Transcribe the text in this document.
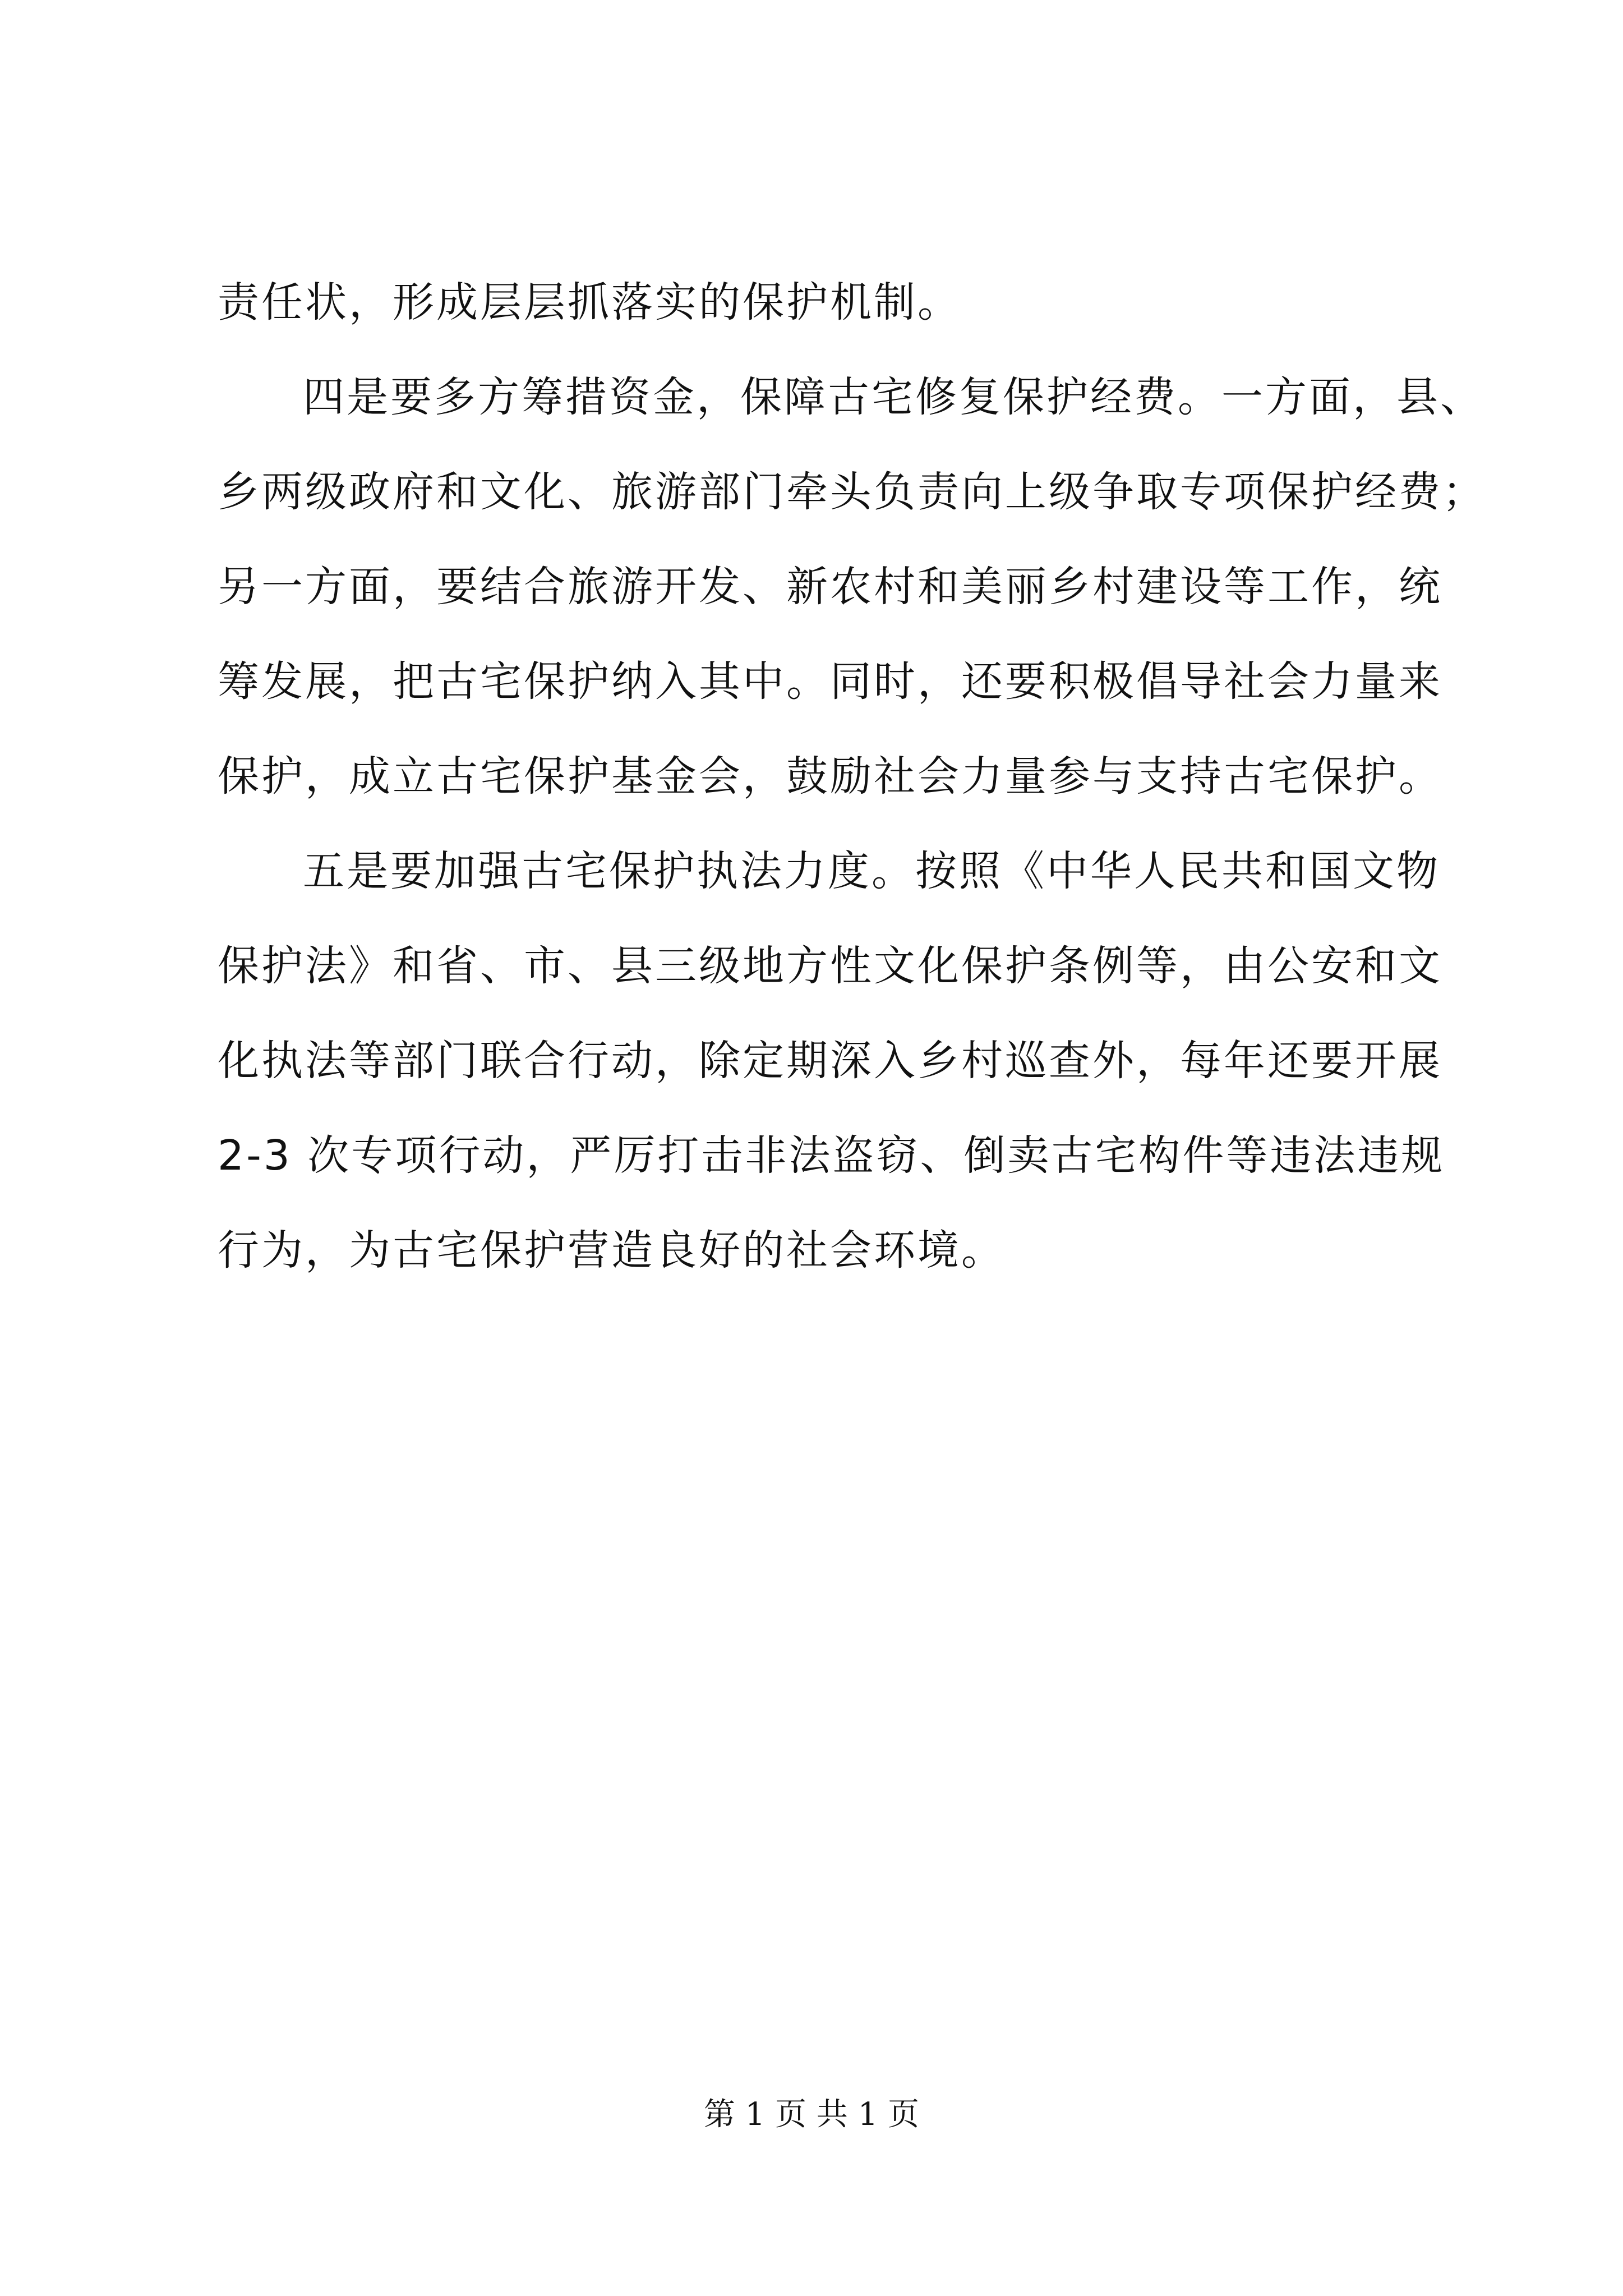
责任状，形成层层抓落实的保护机制。
四是要多方筹措资金，保障古宅修复保护经费。一方面，县、
乡两级政府和文化、旅游部门牵头负责向上级争取专项保护经费；
另一方面，要结合旅游开发、新农村和美丽乡村建设等工作，统
筹发展，把古宅保护纳入其中。同时，还要积极倡导社会力量来
保护，成立古宅保护基金会，鼓励社会力量参与支持古宅保护。
五是要加强古宅保护执法力度。按照《中华人民共和国文物
保护法》和省、市、县三级地方性文化保护条例等，由公安和文
化执法等部门联合行动，除定期深入乡村巡查外，每年还要开展
2-3 次专项行动，严厉打击非法盗窃、倒卖古宅构件等违法违规
行为，为古宅保护营造良好的社会环境。
第 1 页 共 1 页
